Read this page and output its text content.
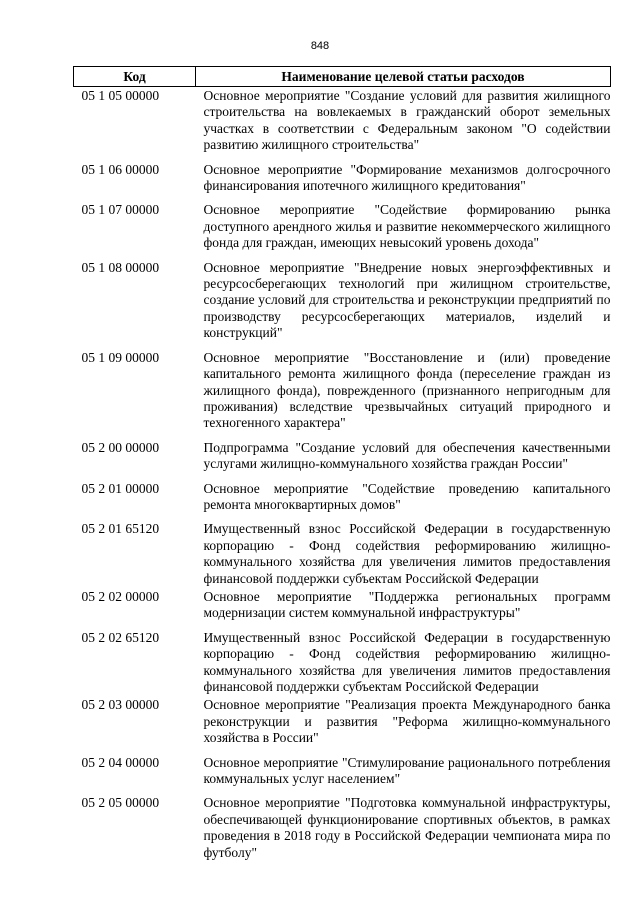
848
Код	Наименование целевой статьи расходов
05 1 05 00000	Основное мероприятие "Создание условий для развития жилищного строительства на вовлекаемых в гражданский оборот земельных участках в соответствии с Федеральным законом "О содействии развитию жилищного строительства"
05 1 06 00000	Основное мероприятие "Формирование механизмов долгосрочного финансирования ипотечного жилищного кредитования"
05 1 07 00000	Основное мероприятие "Содействие формированию рынка доступного арендного жилья и развитие некоммерческого жилищного фонда для граждан, имеющих невысокий уровень дохода"
05 1 08 00000	Основное мероприятие "Внедрение новых энергоэффективных и ресурсосберегающих технологий при жилищном строительстве, создание условий для строительства и реконструкции предприятий по производству ресурсосберегающих материалов, изделий и конструкций"
05 1 09 00000	Основное мероприятие "Восстановление и (или) проведение капитального ремонта жилищного фонда (переселение граждан из жилищного фонда), поврежденного (признанного непригодным для проживания) вследствие чрезвычайных ситуаций природного и техногенного характера"
05 2 00 00000	Подпрограмма "Создание условий для обеспечения качественными услугами жилищно-коммунального хозяйства граждан России"
05 2 01 00000	Основное мероприятие "Содействие проведению капитального ремонта многоквартирных домов"
05 2 01 65120	Имущественный взнос Российской Федерации в государственную корпорацию - Фонд содействия реформированию жилищно-коммунального хозяйства для увеличения лимитов предоставления финансовой поддержки субъектам Российской Федерации
05 2 02 00000	Основное мероприятие "Поддержка региональных программ модернизации систем коммунальной инфраструктуры"
05 2 02 65120	Имущественный взнос Российской Федерации в государственную корпорацию - Фонд содействия реформированию жилищно-коммунального хозяйства для увеличения лимитов предоставления финансовой поддержки субъектам Российской Федерации
05 2 03 00000	Основное мероприятие "Реализация проекта Международного банка реконструкции и развития "Реформа жилищно-коммунального хозяйства в России"
05 2 04 00000	Основное мероприятие "Стимулирование рационального потребления коммунальных услуг населением"
05 2 05 00000	Основное мероприятие "Подготовка коммунальной инфраструктуры, обеспечивающей функционирование спортивных объектов, в рамках проведения в 2018 году в Российской Федерации чемпионата мира по футболу"
